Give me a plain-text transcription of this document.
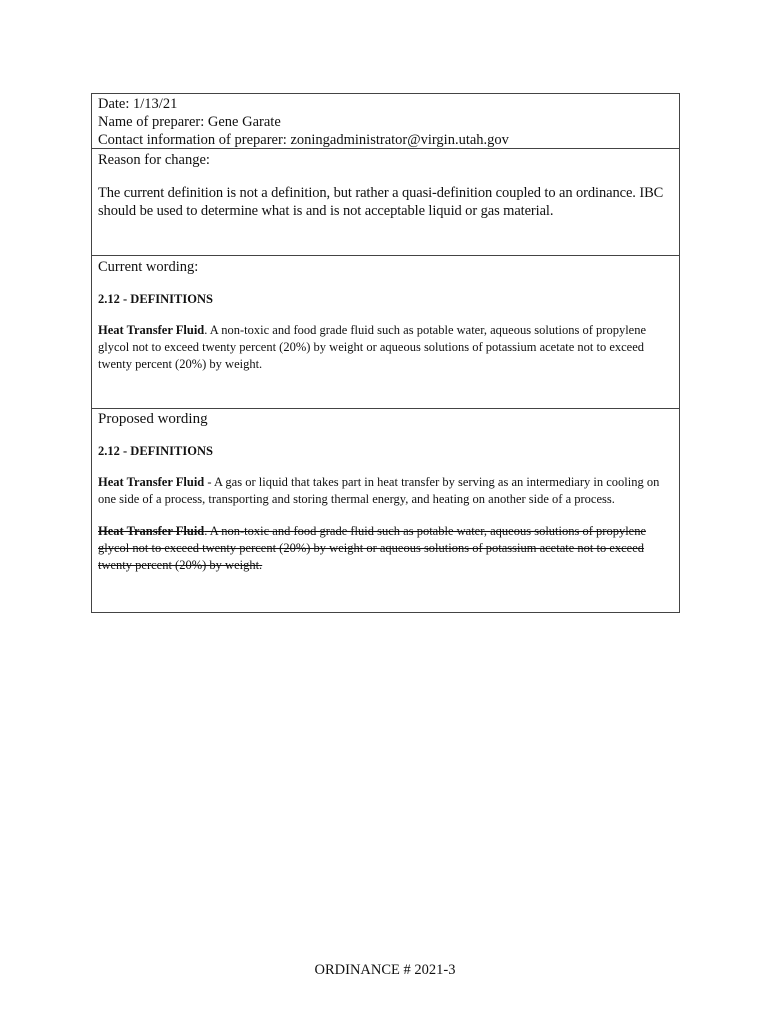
Date: 1/13/21
Name of preparer: Gene Garate
Contact information of preparer: zoningadministrator@virgin.utah.gov
Reason for change:
The current definition is not a definition, but rather a quasi-definition coupled to an ordinance. IBC should be used to determine what is and is not acceptable liquid or gas material.
Current wording:
2.12 - DEFINITIONS
Heat Transfer Fluid. A non-toxic and food grade fluid such as potable water, aqueous solutions of propylene glycol not to exceed twenty percent (20%) by weight or aqueous solutions of potassium acetate not to exceed twenty percent (20%) by weight.
Proposed wording
2.12 - DEFINITIONS
Heat Transfer Fluid - A gas or liquid that takes part in heat transfer by serving as an intermediary in cooling on one side of a process, transporting and storing thermal energy, and heating on another side of a process.
Heat Transfer Fluid. A non-toxic and food grade fluid such as potable water, aqueous solutions of propylene glycol not to exceed twenty percent (20%) by weight or aqueous solutions of potassium acetate not to exceed twenty percent (20%) by weight.
ORDINANCE # 2021-3
